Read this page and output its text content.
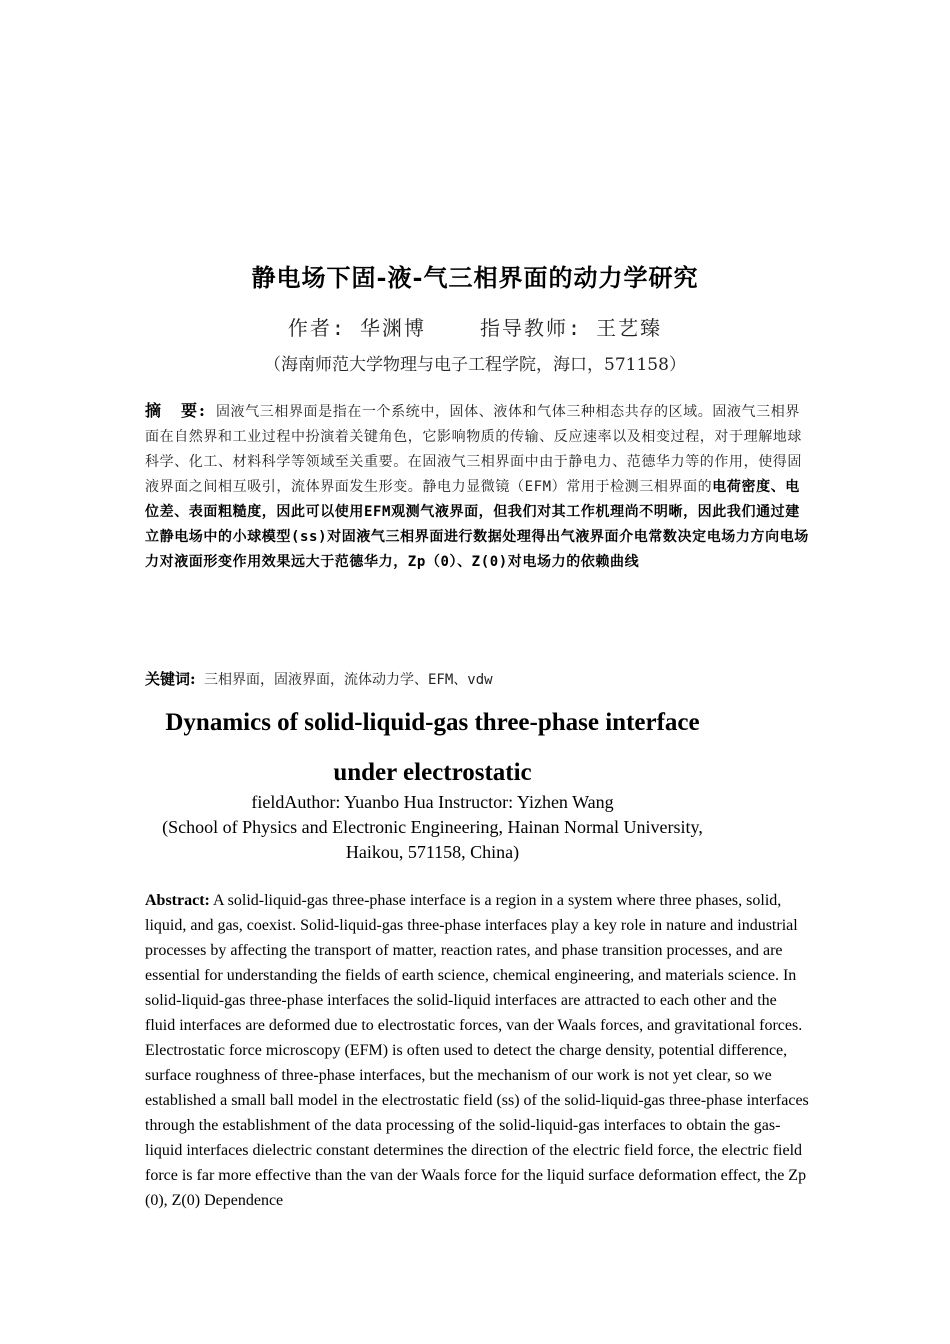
静电场下固-液-气三相界面的动力学研究
作者: 华渊博	指导教师: 王艺臻
（海南师范大学物理与电子工程学院，海口，571158）
摘　要: 固液气三相界面是指在一个系统中，固体、液体和气体三种相态共存的区域。固液气三相界面在自然界和工业过程中扮演着关键角色，它影响物质的传输、反应速率以及相变过程，对于理解地球科学、化工、材料科学等领域至关重要。在固液气三相界面中由于静电力、范德华力等的作用，使得固液界面之间相互吸引，流体界面发生形变。静电力显微镜（EFM）常用于检测三相界面的电荷密度、电位差、表面粗糙度，因此可以使用EFM观测气液界面，但我们对其工作机理尚不明晰，因此我们通过建立静电场中的小球模型(ss)对固液气三相界面进行数据处理得出气液界面介电常数决定电场力方向电场力对液面形变作用效果远大于范德华力，Zp（0）、Z(0)对电场力的依赖曲线
关键词: 三相界面，固液界面，流体动力学、EFM、vdw
Dynamics of solid-liquid-gas three-phase interface
under electrostatic
fieldAuthor: Yuanbo Hua Instructor: Yizhen Wang
(School of Physics and Electronic Engineering, Hainan Normal University,
Haikou, 571158, China)
Abstract: A solid-liquid-gas three-phase interface is a region in a system where three phases, solid, liquid, and gas, coexist. Solid-liquid-gas three-phase interfaces play a key role in nature and industrial processes by affecting the transport of matter, reaction rates, and phase transition processes, and are essential for understanding the fields of earth science, chemical engineering, and materials science. In solid-liquid-gas three-phase interfaces the solid-liquid interfaces are attracted to each other and the fluid interfaces are deformed due to electrostatic forces, van der Waals forces, and gravitational forces. Electrostatic force microscopy (EFM) is often used to detect the charge density, potential difference, surface roughness of three-phase interfaces, but the mechanism of our work is not yet clear, so we established a small ball model in the electrostatic field (ss) of the solid-liquid-gas three-phase interfaces through the establishment of the data processing of the solid-liquid-gas interfaces to obtain the gas-liquid interfaces dielectric constant determines the direction of the electric field force, the electric field force is far more effective than the van der Waals force for the liquid surface deformation effect, the Zp (0), Z(0) Dependence
